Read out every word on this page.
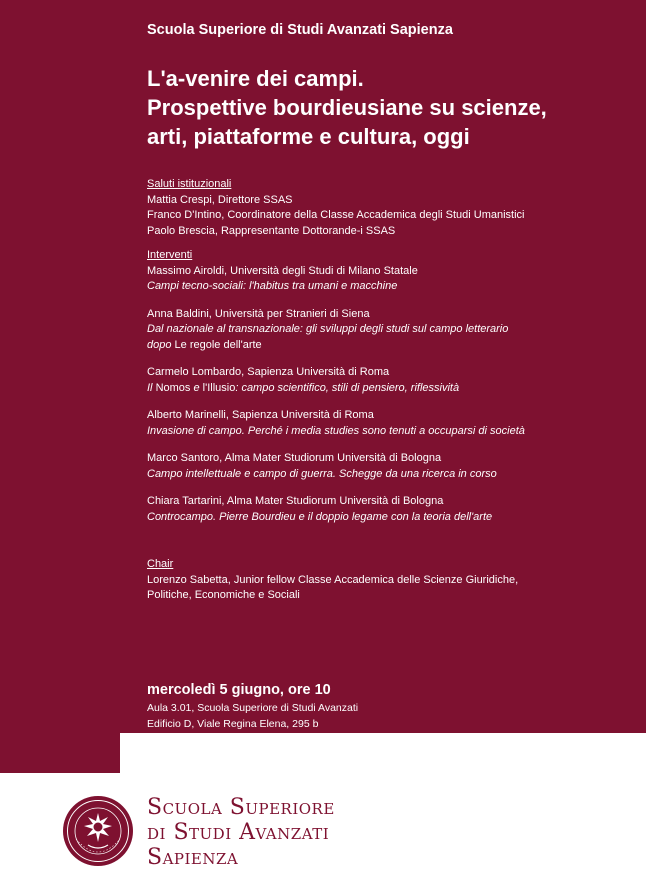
Scuola Superiore di Studi Avanzati Sapienza
L'a-venire dei campi.
Prospettive bourdieusiane su scienze,
arti, piattaforme e cultura, oggi
Saluti istituzionali
Mattia Crespi, Direttore SSAS
Franco D'Intino, Coordinatore della Classe Accademica degli Studi Umanistici
Paolo Brescia, Rappresentante Dottorande-i SSAS
Interventi
Massimo Airoldi, Università degli Studi di Milano Statale
Campi tecno-sociali: l'habitus tra umani e macchine
Anna Baldini, Università per Stranieri di Siena
Dal nazionale al transnazionale: gli sviluppi degli studi sul campo letterario
dopo Le regole dell'arte
Carmelo Lombardo, Sapienza Università di Roma
Il Nomos e l'Illusio: campo scientifico, stili di pensiero, riflessività
Alberto Marinelli, Sapienza Università di Roma
Invasione di campo. Perché i media studies sono tenuti a occuparsi di società
Marco Santoro, Alma Mater Studiorum Università di Bologna
Campo intellettuale e campo di guerra. Schegge da una ricerca in corso
Chiara Tartarini, Alma Mater Studiorum Università di Bologna
Controcampo. Pierre Bourdieu e il doppio legame con la teoria dell'arte
Chair
Lorenzo Sabetta, Junior fellow Classe Accademica delle Scienze Giuridiche,
Politiche, Economiche e Sociali
mercoledì 5 giugno, ore 10
Aula 3.01, Scuola Superiore di Studi Avanzati
Edificio D, Viale Regina Elena, 295 b
Scuola Superiore
di Studi Avanzati
Sapienza
